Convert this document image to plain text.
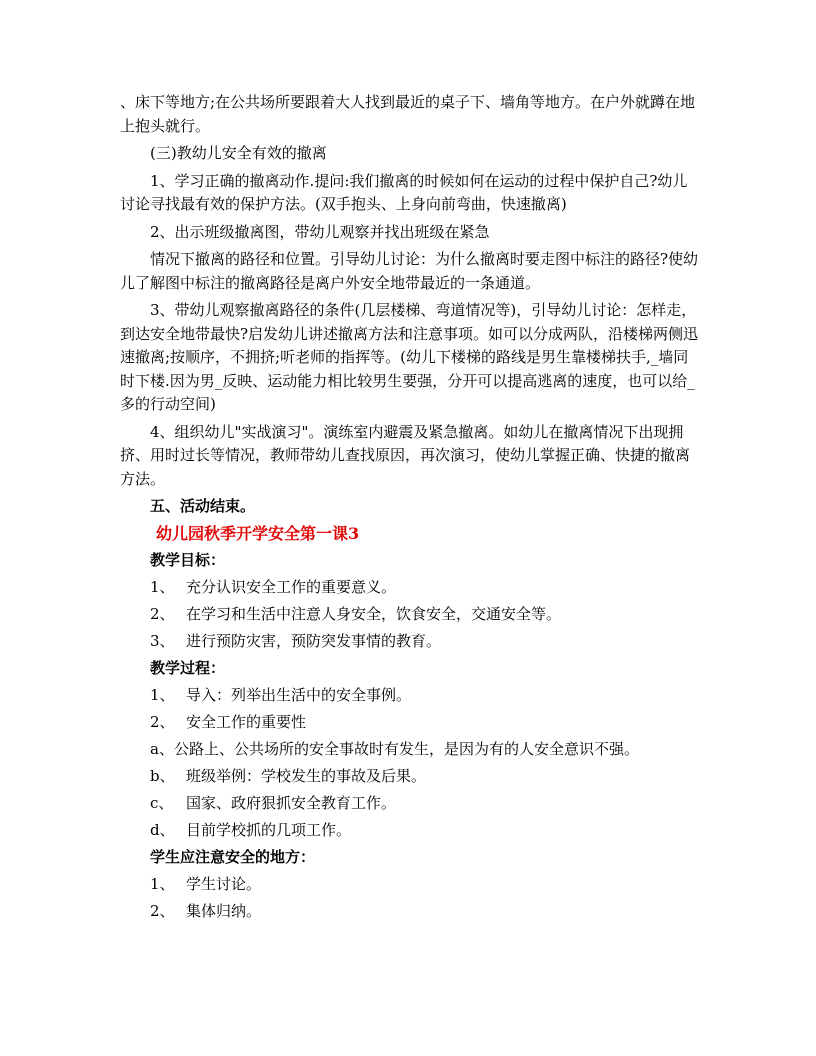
、床下等地方;在公共场所要跟着大人找到最近的桌子下、墙角等地方。在户外就蹲在地上抱头就行。

(三)教幼儿安全有效的撤离

1、学习正确的撤离动作.提问:我们撤离的时候如何在运动的过程中保护自己?幼儿讨论寻找最有效的保护方法。(双手抱头、上身向前弯曲，快速撤离)

2、出示班级撤离图，带幼儿观察并找出班级在紧急

情况下撤离的路径和位置。引导幼儿讨论：为什么撤离时要走图中标注的路径?使幼儿了解图中标注的撤离路径是离户外安全地带最近的一条通道。

3、带幼儿观察撤离路径的条件(几层楼梯、弯道情况等)，引导幼儿讨论：怎样走，到达安全地带最快?启发幼儿讲述撤离方法和注意事项。如可以分成两队，沿楼梯两侧迅速撤离;按顺序，不拥挤;听老师的指挥等。(幼儿下楼梯的路线是男生靠楼梯扶手,_墙同时下楼.因为男_反映、运动能力相比较男生要强，分开可以提高逃离的速度，也可以给_多的行动空间)

4、组织幼儿"实战演习"。演练室内避震及紧急撤离。如幼儿在撤离情况下出现拥挤、用时过长等情况，教师带幼儿查找原因，再次演习，使幼儿掌握正确、快捷的撤离方法。

五、活动结束。

幼儿园秋季开学安全第一课3

教学目标：

1、 充分认识安全工作的重要意义。

2、 在学习和生活中注意人身安全，饮食安全，交通安全等。

3、 进行预防灾害，预防突发事情的教育。

教学过程：

1、 导入：列举出生活中的安全事例。

2、 安全工作的重要性

a、公路上、公共场所的安全事故时有发生，是因为有的人安全意识不强。

b、 班级举例：学校发生的事故及后果。

c、 国家、政府狠抓安全教育工作。

d、 目前学校抓的几项工作。

学生应注意安全的地方：

1、 学生讨论。

2、 集体归纳。
